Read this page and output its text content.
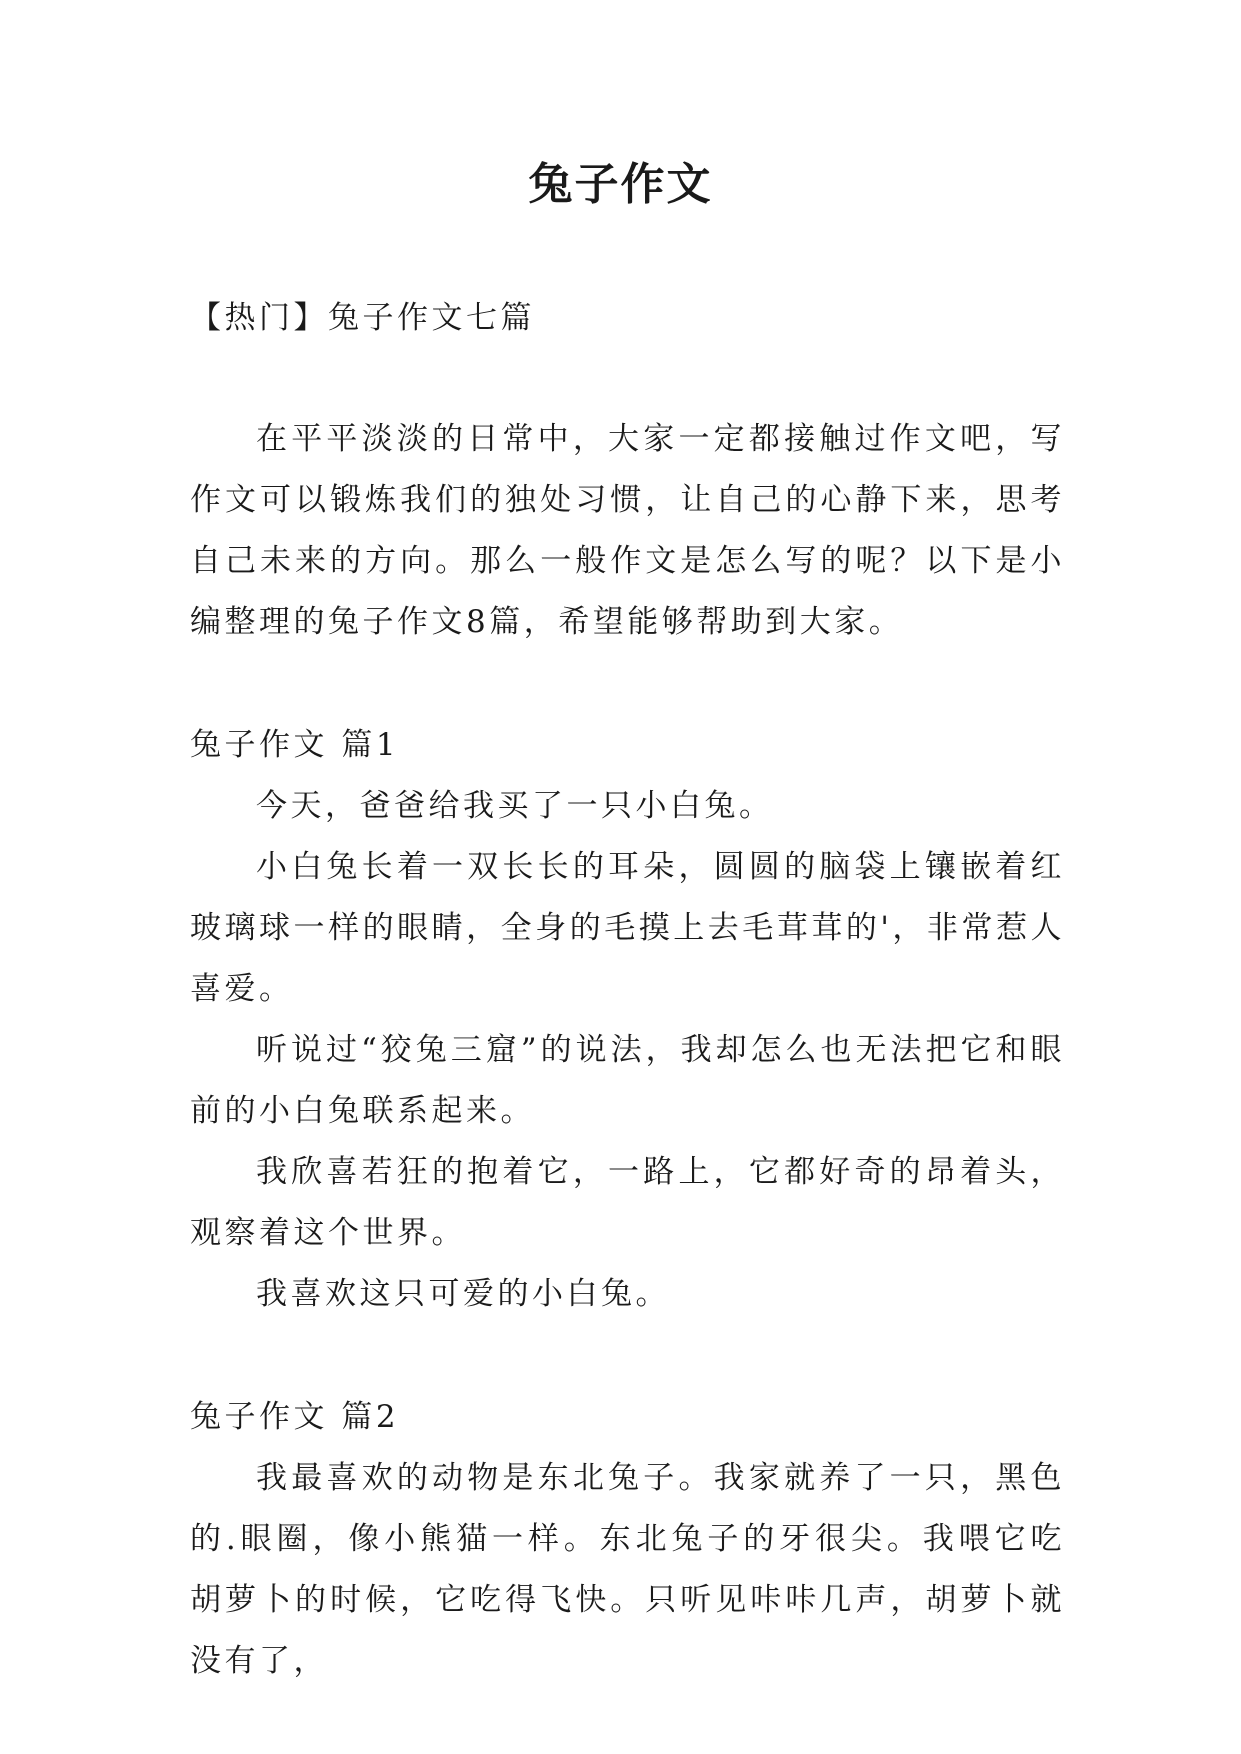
兔子作文

【热门】兔子作文七篇

在平平淡淡的日常中，大家一定都接触过作文吧，写作文可以锻炼我们的独处习惯，让自己的心静下来，思考自己未来的方向。那么一般作文是怎么写的呢？以下是小编整理的兔子作文8篇，希望能够帮助到大家。

兔子作文 篇1

今天，爸爸给我买了一只小白兔。

小白兔长着一双长长的耳朵，圆圆的脑袋上镶嵌着红玻璃球一样的眼睛，全身的毛摸上去毛茸茸的'，非常惹人喜爱。

听说过“狡兔三窟”的说法，我却怎么也无法把它和眼前的小白兔联系起来。

我欣喜若狂的抱着它，一路上，它都好奇的昂着头，观察着这个世界。

我喜欢这只可爱的小白兔。

兔子作文 篇2

我最喜欢的动物是东北兔子。我家就养了一只，黑色的.眼圈，像小熊猫一样。东北兔子的牙很尖。我喂它吃胡萝卜的时候，它吃得飞快。只听见咔咔几声，胡萝卜就没有了，
